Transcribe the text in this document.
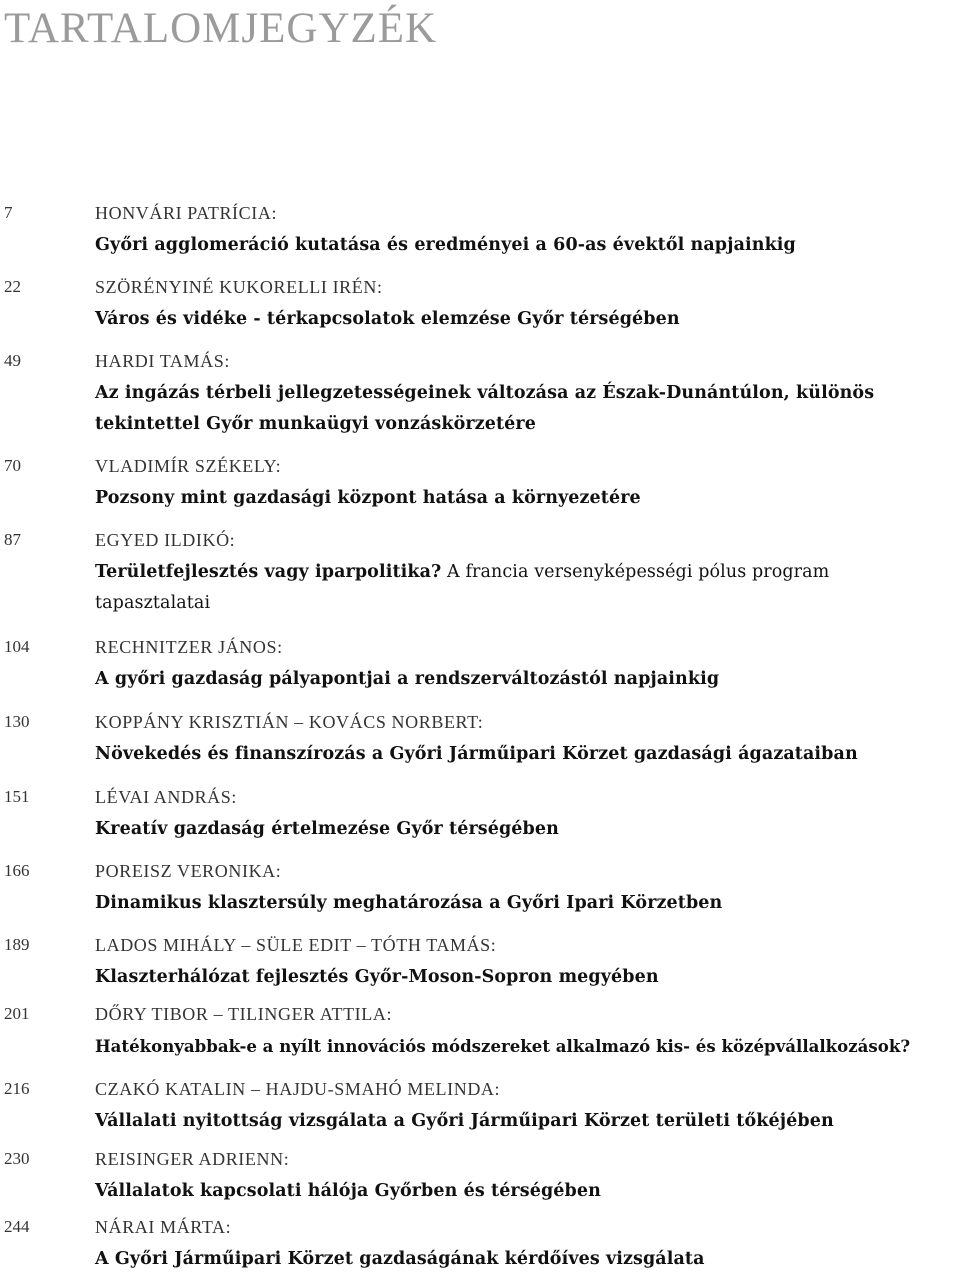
TARTALOMJEGYZÉK
7	HONVÁRI PATRÍCIA:
Győri agglomeráció kutatása és eredményei a 60-as évektől napjainkig
22	SZÖRÉNYINÉ KUKORELLI IRÉN:
Város és vidéke - térkapcsolatok elemzése Győr térségében
49	HARDI TAMÁS:
Az ingázás térbeli jellegzetességeinek változása az Észak-Dunántúlon, különös tekintettel Győr munkaügyi vonzáskörzetére
70	VLADIMÍR SZÉKELY:
Pozsony mint gazdasági központ hatása a környezetére
87	EGYED ILDIKÓ:
Területfejlesztés vagy iparpolitika? A francia versenyképességi pólus program tapasztalatai
104	RECHNITZER JÁNOS:
A győri gazdaság pályapontjai a rendszerváltozástól napjainkig
130	KOPPÁNY KRISZTIÁN – KOVÁCS NORBERT:
Növekedés és finanszírozás a Győri Járműipari Körzet gazdasági ágazataiban
151	LÉVAI ANDRÁS:
Kreatív gazdaság értelmezése Győr térségében
166	POREISZ VERONIKA:
Dinamikus klasztersúly meghatározása a Győri Ipari Körzetben
189	LADOS MIHÁLY – SÜLE EDIT – TÓTH TAMÁS:
Klaszterhálózat fejlesztés Győr-Moson-Sopron megyében
201	DŐRY TIBOR – TILINGER ATTILA:
Hatékonyabbak-e a nyílt innovációs módszereket alkalmazó kis- és középvállalkozások?
216	CZAKÓ KATALIN – HAJDU-SMAHÓ MELINDA:
Vállalati nyitottság vizsgálata a Győri Járműipari Körzet területi tőkéjében
230	REISINGER ADRIENN:
Vállalatok kapcsolati hálója Győrben és térségében
244	NÁRAI MÁRTA:
A Győri Járműipari Körzet gazdaságának kérdőíves vizsgálata
